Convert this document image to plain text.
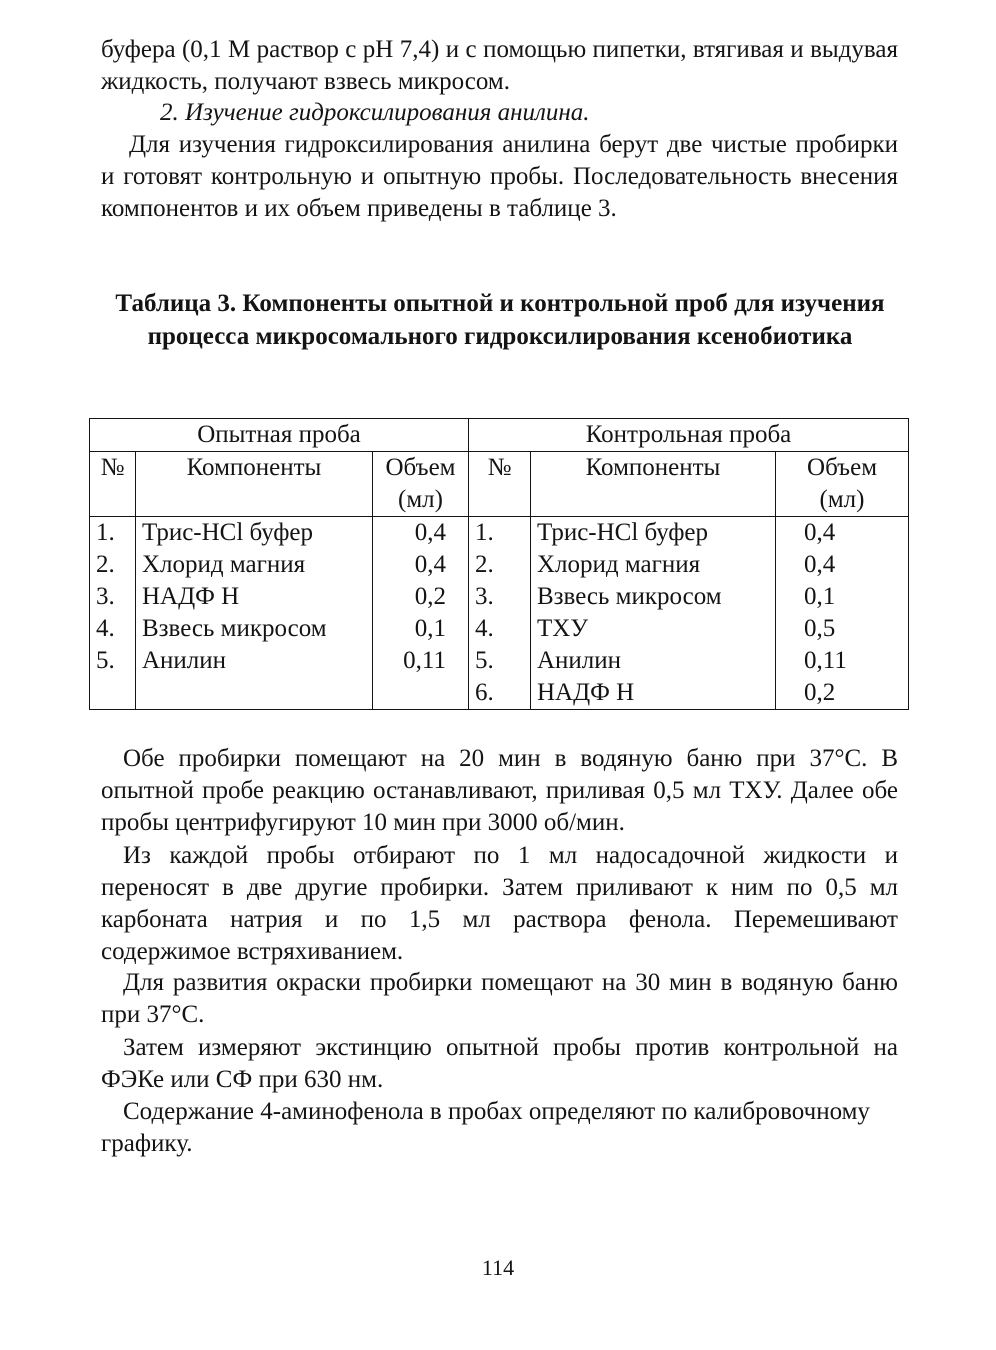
буфера (0,1 М раствор с pH 7,4) и с помощью пипетки, втягивая и выдувая жидкость, получают взвесь микросом.

2. Изучение гидроксилирования анилина.

Для изучения гидроксилирования анилина берут две чистые пробирки и готовят контрольную и опытную пробы. Последовательность внесения компонентов и их объем приведены в таблице 3.

Таблица 3. Компоненты опытной и контрольной проб для изучения процесса микросомального гидроксилирования ксенобиотика
Опытная проба			Контрольная проба		
№	Компоненты	Объем (мл)	№	Компоненты	Объем (мл)
1.	Трис-HCl буфер	0,4	1.	Трис-HCl буфер	0,4
2.	Хлорид магния	0,4	2.	Хлорид магния	0,4
3.	НАДФ Н	0,2	3.	Взвесь микросом	0,1
4.	Взвесь микросом	0,1	4.	ТХУ	0,5
5.	Анилин	0,11	5.	Анилин	0,11
			6.	НАДФ Н	0,2

Обе пробирки помещают на 20 мин в водяную баню при 37°С. В опытной пробе реакцию останавливают, приливая 0,5 мл ТХУ. Далее обе пробы центрифугируют 10 мин при 3000 об/мин.

Из каждой пробы отбирают по 1 мл надосадочной жидкости и переносят в две другие пробирки. Затем приливают к ним по 0,5 мл карбоната натрия и по 1,5 мл раствора фенола. Перемешивают содержимое встряхиванием.

Для развития окраски пробирки помещают на 30 мин в водяную баню при 37°С.

Затем измеряют экстинцию опытной пробы против контрольной на ФЭКе или СФ при 630 нм.

Содержание 4-аминофенола в пробах определяют по калибровочному графику.

114
